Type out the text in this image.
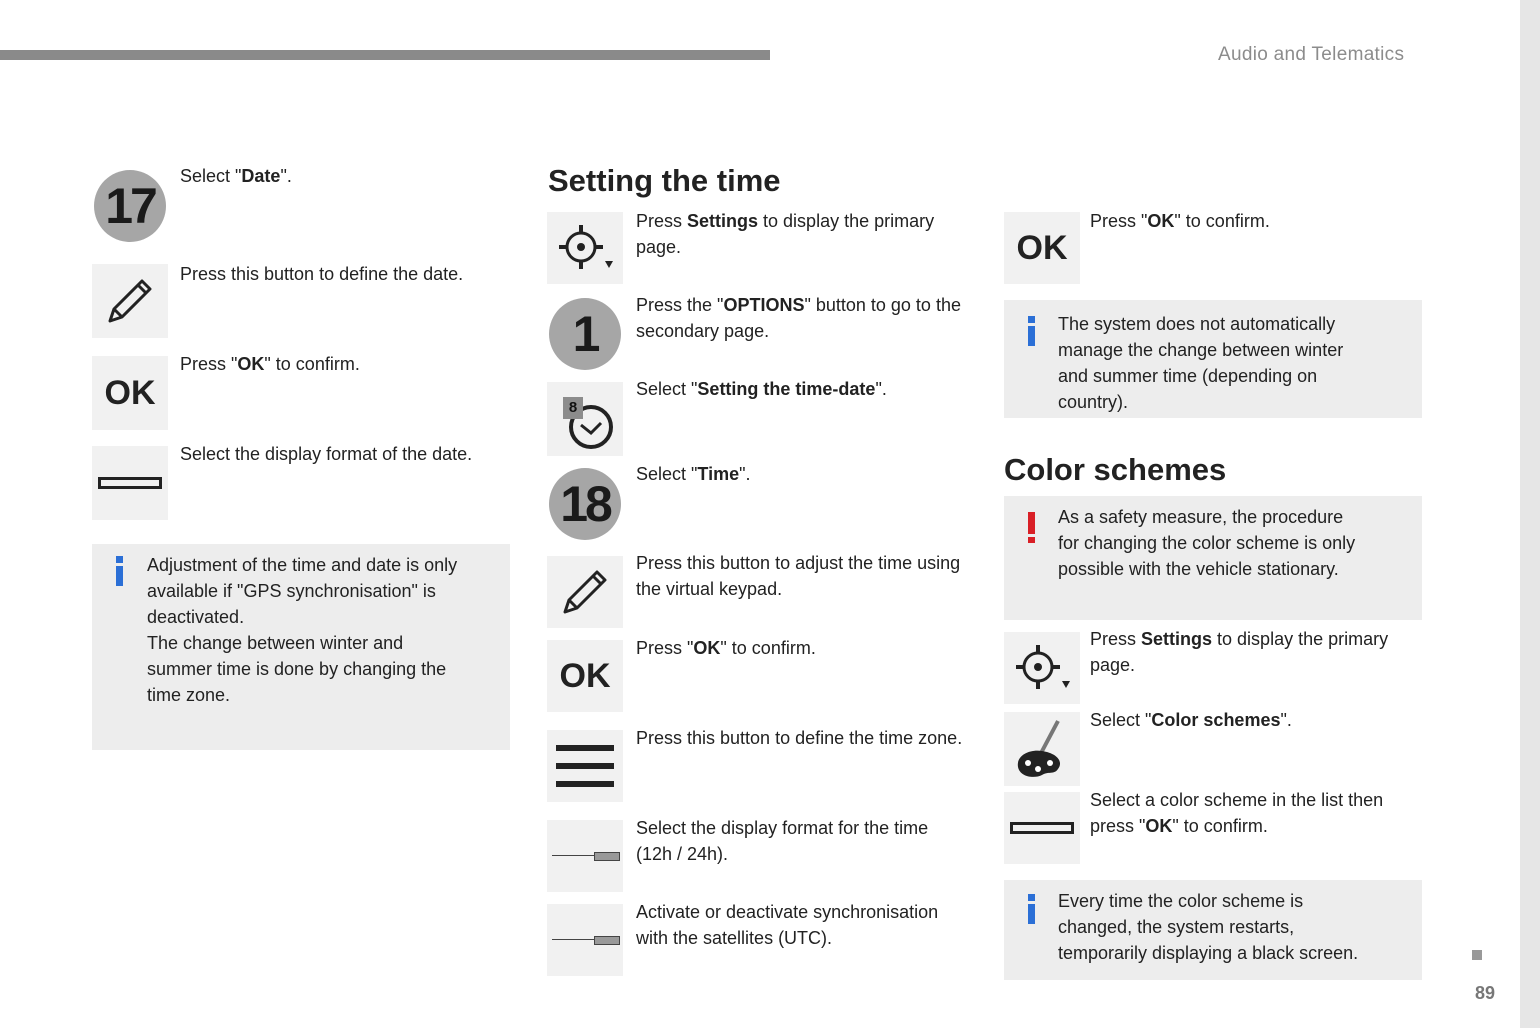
Audio and Telematics
17
Select "Date".
Press this button to define the date.
OK
Press "OK" to confirm.
Select the display format of the date.
Adjustment of the time and date is only
available if "GPS synchronisation" is
deactivated.
The change between winter and
summer time is done by changing the
time zone.
Setting the time
Press Settings to display the primary page.
1
Press the "OPTIONS" button to go to the secondary page.
8
Select "Setting the time-date".
18
Select "Time".
Press this button to adjust the time using the virtual keypad.
OK
Press "OK" to confirm.
Press this button to define the time zone.
Select the display format for the time (12h / 24h).
Activate or deactivate synchronisation with the satellites (UTC).
OK
Press "OK" to confirm.
The system does not automatically
manage the change between winter
and summer time (depending on
country).
Color schemes
As a safety measure, the procedure
for changing the color scheme is only
possible with the vehicle stationary.
Press Settings to display the primary page.
Select "Color schemes".
Select a color scheme in the list then press "OK" to confirm.
Every time the color scheme is
changed, the system restarts,
temporarily displaying a black screen.
89
